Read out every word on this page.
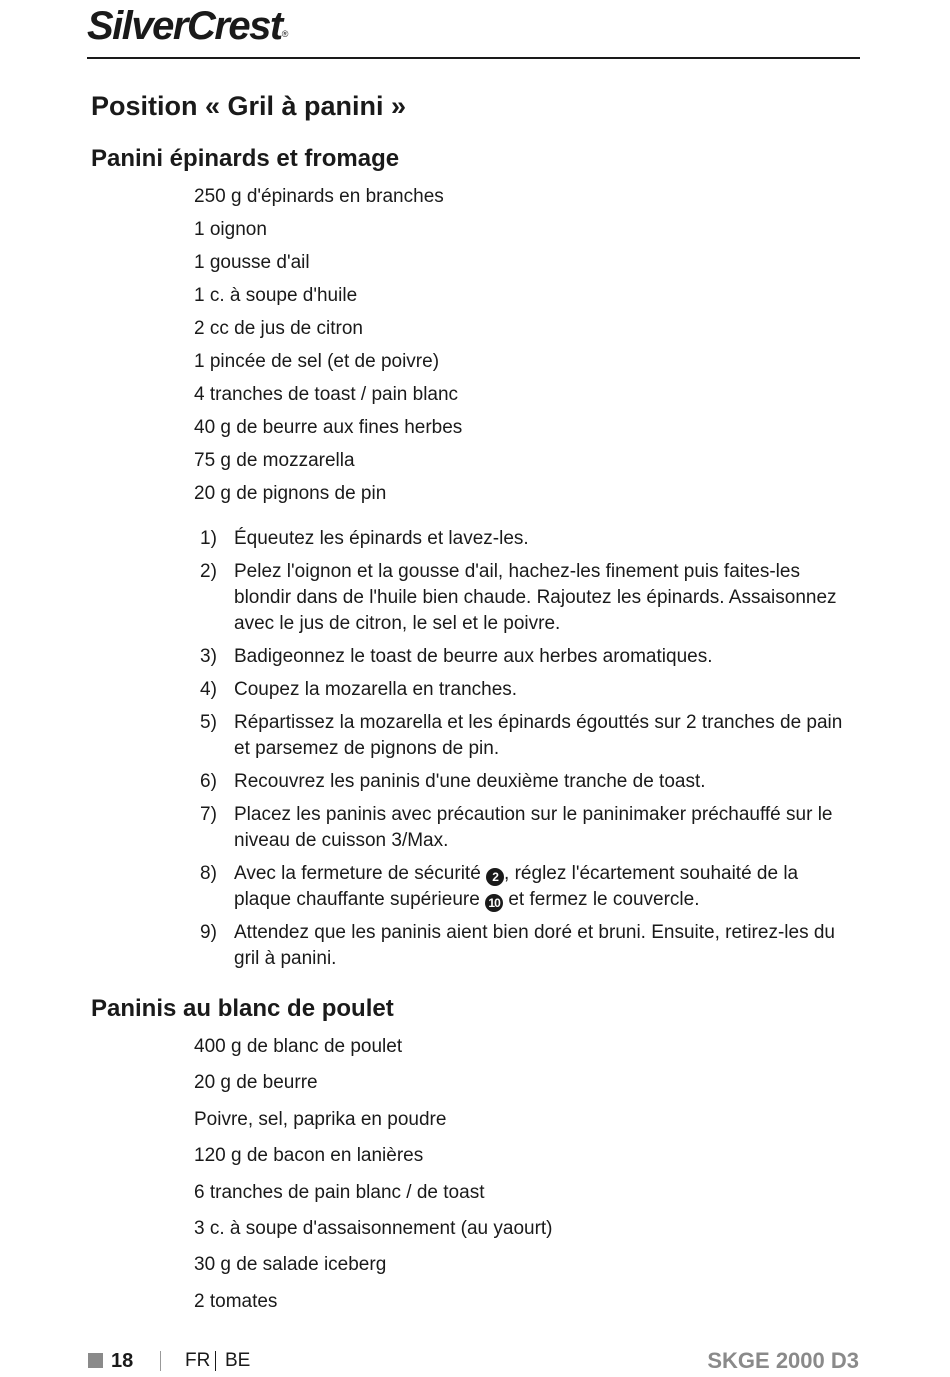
SilverCrest®
Position « Gril à panini »
Panini épinards et fromage
250 g d'épinards en branches
1 oignon
1 gousse d'ail
1 c. à soupe d'huile
2 cc de jus de citron
1 pincée de sel (et de poivre)
4 tranches de toast / pain blanc
40 g de beurre aux fines herbes
75 g de mozzarella
20 g de pignons de pin
1) Équeutez les épinards et lavez-les.
2) Pelez l'oignon et la gousse d'ail, hachez-les finement puis faites-les blondir dans de l'huile bien chaude. Rajoutez les épinards. Assaisonnez avec le jus de citron, le sel et le poivre.
3) Badigeonnez le toast de beurre aux herbes aromatiques.
4) Coupez la mozarella en tranches.
5) Répartissez la mozarella et les épinards égouttés sur 2 tranches de pain et parsemez de pignons de pin.
6) Recouvrez les paninis d'une deuxième tranche de toast.
7) Placez les paninis avec précaution sur le paninimaker préchauffé sur le niveau de cuisson 3/Max.
8) Avec la fermeture de sécurité 2 , réglez l'écartement souhaité de la plaque chauffante supérieure 10 et fermez le couvercle.
9) Attendez que les paninis aient bien doré et bruni. Ensuite, retirez-les du gril à panini.
Paninis au blanc de poulet
400 g de blanc de poulet
20 g de beurre
Poivre, sel, paprika en poudre
120 g de bacon en lanières
6 tranches de pain blanc / de toast
3 c. à soupe d'assaisonnement (au yaourt)
30 g de salade iceberg
2 tomates
18	FR BE	SKGE 2000 D3
